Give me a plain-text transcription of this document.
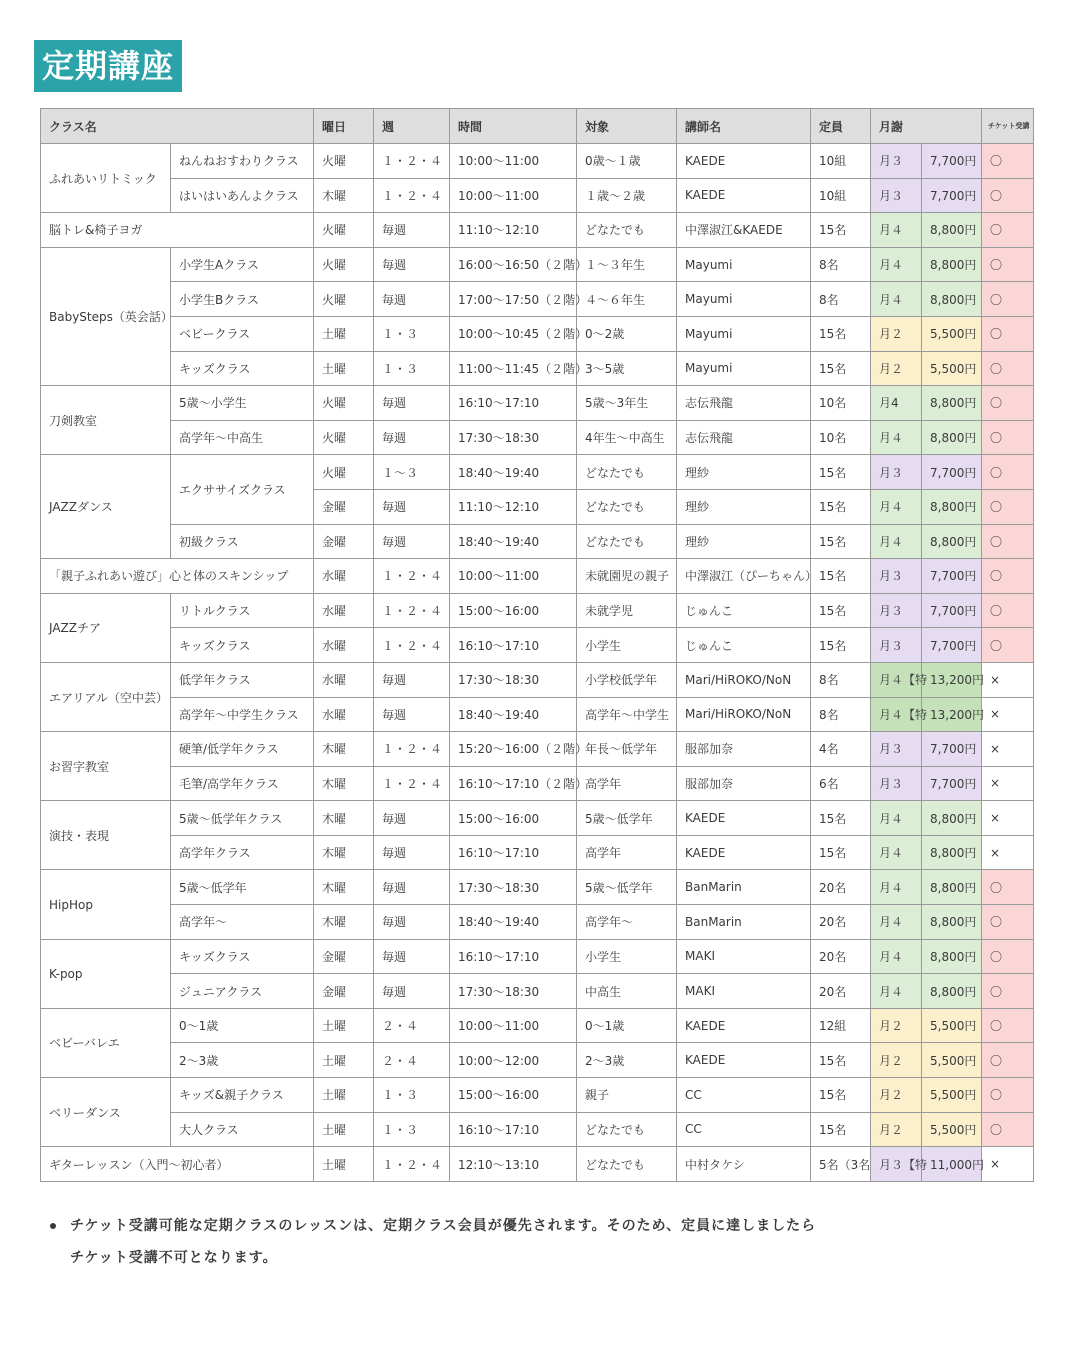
定期講座
クラス名		曜日	週	時間	対象	講師名	定員	月謝		チケット受講
ふれあいリトミック	ねんねおすわりクラス	火曜	１・２・４	10:00〜11:00	0歳〜１歳	KAEDE	10組	月３	7,700円	〇
	はいはいあんよクラス	木曜	１・２・４	10:00〜11:00	１歳〜２歳	KAEDE	10組	月３	7,700円	〇
脳トレ&椅子ヨガ		火曜	毎週	11:10〜12:10	どなたでも	中澤淑江&KAEDE	15名	月４	8,800円	〇
BabySteps（英会話）	小学生Aクラス	火曜	毎週	16:00〜16:50（２階）	１〜３年生	Mayumi	8名	月４	8,800円	〇
	小学生Bクラス	火曜	毎週	17:00〜17:50（２階）	４〜６年生	Mayumi	8名	月４	8,800円	〇
	ベビークラス	土曜	１・３	10:00〜10:45（２階）	0〜2歳	Mayumi	15名	月２	5,500円	〇
	キッズクラス	土曜	１・３	11:00〜11:45（２階）	3〜5歳	Mayumi	15名	月２	5,500円	〇
刀剣教室	5歳〜小学生	火曜	毎週	16:10〜17:10	5歳〜3年生	志伝飛龍	10名	月4	8,800円	〇
	高学年〜中高生	火曜	毎週	17:30〜18:30	4年生〜中高生	志伝飛龍	10名	月４	8,800円	〇
JAZZダンス	エクササイズクラス	火曜	１〜３	18:40〜19:40	どなたでも	理紗	15名	月３	7,700円	〇
		金曜	毎週	11:10〜12:10	どなたでも	理紗	15名	月４	8,800円	〇
	初級クラス	金曜	毎週	18:40〜19:40	どなたでも	理紗	15名	月４	8,800円	〇
「親子ふれあい遊び」心と体のスキンシップ		水曜	１・２・４	10:00〜11:00	未就園児の親子	中澤淑江（ぴーちゃん）	15名	月３	7,700円	〇
JAZZチア	リトルクラス	水曜	１・２・４	15:00〜16:00	未就学児	じゅんこ	15名	月３	7,700円	〇
	キッズクラス	水曜	１・２・４	16:10〜17:10	小学生	じゅんこ	15名	月３	7,700円	〇
エアリアル（空中芸）	低学年クラス	水曜	毎週	17:30〜18:30	小学校低学年	Mari/HiROKO/NoN	8名	月４【特	13,200円	×
	高学年〜中学生クラス	水曜	毎週	18:40〜19:40	高学年〜中学生	Mari/HiROKO/NoN	8名	月４【特	13,200円	×
お習字教室	硬筆/低学年クラス	木曜	１・２・４	15:20〜16:00（２階）	年長〜低学年	服部加奈	4名	月３	7,700円	×
	毛筆/高学年クラス	木曜	１・２・４	16:10〜17:10（２階）	高学年	服部加奈	6名	月３	7,700円	×
演技・表現	5歳〜低学年クラス	木曜	毎週	15:00〜16:00	5歳〜低学年	KAEDE	15名	月４	8,800円	×
	高学年クラス	木曜	毎週	16:10〜17:10	高学年	KAEDE	15名	月４	8,800円	×
HipHop	5歳〜低学年	木曜	毎週	17:30〜18:30	5歳〜低学年	BanMarin	20名	月４	8,800円	〇
	高学年〜	木曜	毎週	18:40〜19:40	高学年〜	BanMarin	20名	月４	8,800円	〇
K-pop	キッズクラス	金曜	毎週	16:10〜17:10	小学生	MAKI	20名	月４	8,800円	〇
	ジュニアクラス	金曜	毎週	17:30〜18:30	中高生	MAKI	20名	月４	8,800円	〇
ベビーバレエ	0〜1歳	土曜	２・４	10:00〜11:00	0〜1歳	KAEDE	12組	月２	5,500円	〇
	2〜3歳	土曜	２・４	10:00〜12:00	2〜3歳	KAEDE	15名	月２	5,500円	〇
ベリーダンス	キッズ&親子クラス	土曜	１・３	15:00〜16:00	親子	CC	15名	月２	5,500円	〇
	大人クラス	土曜	１・３	16:10〜17:10	どなたでも	CC	15名	月２	5,500円	〇
ギターレッスン（入門〜初心者）		土曜	１・２・４	12:10〜13:10	どなたでも	中村タケシ	5名（3名	月３【特	11,000円	×
チケット受講可能な定期クラスのレッスンは、定期クラス会員が優先されます。そのため、定員に達しましたら
チケット受講不可となります。
